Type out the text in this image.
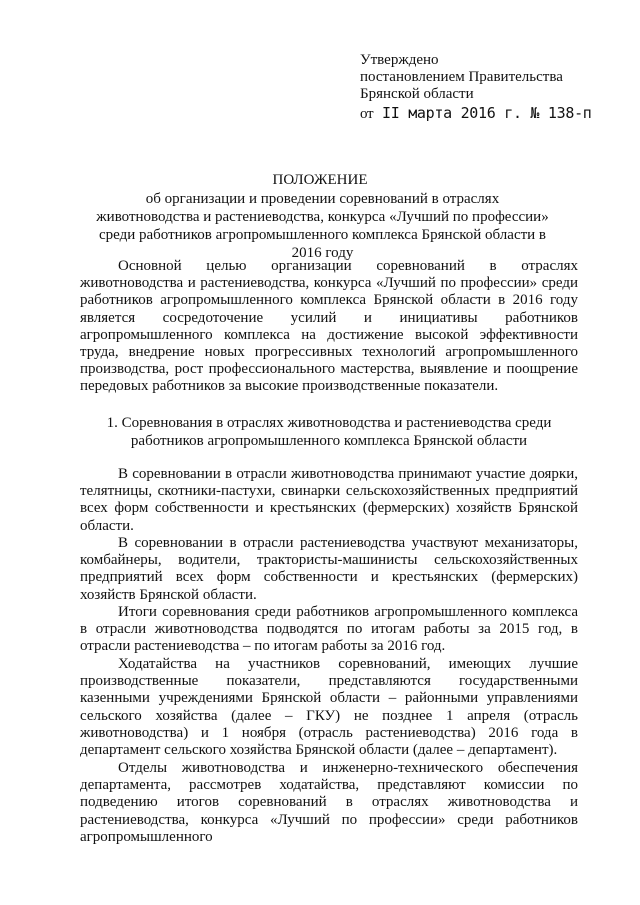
Утверждено
постановлением Правительства
Брянской области
от II марта 2016 г. № 138-п
ПОЛОЖЕНИЕ
об организации и проведении соревнований в отраслях животноводства и растениеводства, конкурса «Лучший по профессии» среди работников агропромышленного комплекса Брянской области в 2016 году

Основной целью организации соревнований в отраслях животноводства и растениеводства, конкурса «Лучший по профессии» среди работников агропромышленного комплекса Брянской области в 2016 году является сосредоточение усилий и инициативы работников агропромышленного комплекса на достижение высокой эффективности труда, внедрение новых прогрессивных технологий агропромышленного производства, рост профессионального мастерства, выявление и поощрение передовых работников за высокие производственные показатели.

1. Соревнования в отраслях животноводства и растениеводства среди работников агропромышленного комплекса Брянской области

В соревновании в отрасли животноводства принимают участие доярки, телятницы, скотники-пастухи, свинарки сельскохозяйственных предприятий всех форм собственности и крестьянских (фермерских) хозяйств Брянской области.

В соревновании в отрасли растениеводства участвуют механизаторы, комбайнеры, водители, трактористы-машинисты сельскохозяйственных предприятий всех форм собственности и крестьянских (фермерских) хозяйств Брянской области.

Итоги соревнования среди работников агропромышленного комплекса в отрасли животноводства подводятся по итогам работы за 2015 год, в отрасли растениеводства – по итогам работы за 2016 год.

Ходатайства на участников соревнований, имеющих лучшие производственные показатели, представляются государственными казенными учреждениями Брянской области – районными управлениями сельского хозяйства (далее – ГКУ) не позднее 1 апреля (отрасль животноводства) и 1 ноября (отрасль растениеводства) 2016 года в департамент сельского хозяйства Брянской области (далее – департамент).

Отделы животноводства и инженерно-технического обеспечения департамента, рассмотрев ходатайства, представляют комиссии по подведению итогов соревнований в отраслях животноводства и растениеводства, конкурса «Лучший по профессии» среди работников агропромышленного
